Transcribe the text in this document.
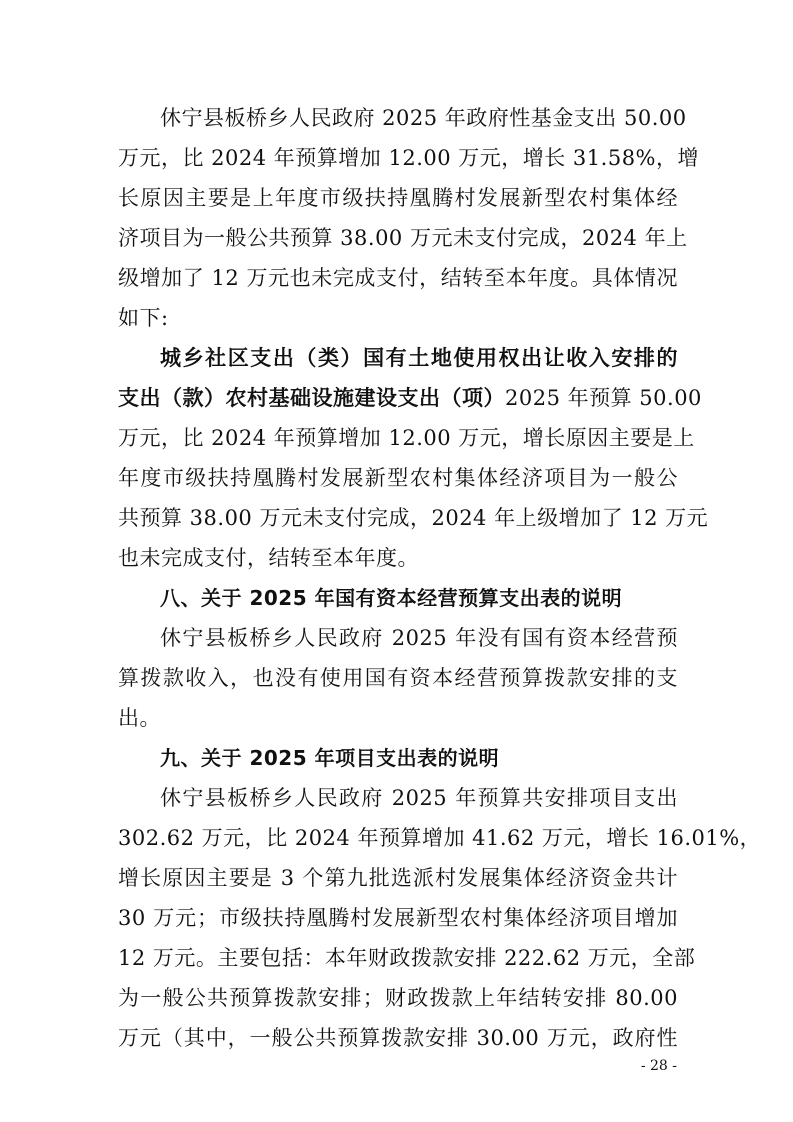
休宁县板桥乡人民政府 2025 年政府性基金支出 50.00
万元，比 2024 年预算增加 12.00 万元，增长 31.58%，增
长原因主要是上年度市级扶持凰腾村发展新型农村集体经
济项目为一般公共预算 38.00 万元未支付完成，2024 年上
级增加了 12 万元也未完成支付，结转至本年度。具体情况
如下:
城乡社区支出（类）国有土地使用权出让收入安排的
支出（款）农村基础设施建设支出（项）2025 年预算 50.00
万元，比 2024 年预算增加 12.00 万元，增长原因主要是上
年度市级扶持凰腾村发展新型农村集体经济项目为一般公
共预算 38.00 万元未支付完成，2024 年上级增加了 12 万元
也未完成支付，结转至本年度。
八、关于 2025 年国有资本经营预算支出表的说明
休宁县板桥乡人民政府 2025 年没有国有资本经营预
算拨款收入，也没有使用国有资本经营预算拨款安排的支
出。
九、关于 2025 年项目支出表的说明
休宁县板桥乡人民政府 2025 年预算共安排项目支出
302.62 万元，比 2024 年预算增加 41.62 万元，增长 16.01%，
增长原因主要是 3 个第九批选派村发展集体经济资金共计
30 万元；市级扶持凰腾村发展新型农村集体经济项目增加
12 万元。主要包括：本年财政拨款安排 222.62 万元，全部
为一般公共预算拨款安排；财政拨款上年结转安排 80.00
万元（其中，一般公共预算拨款安排 30.00 万元，政府性
- 28 -
